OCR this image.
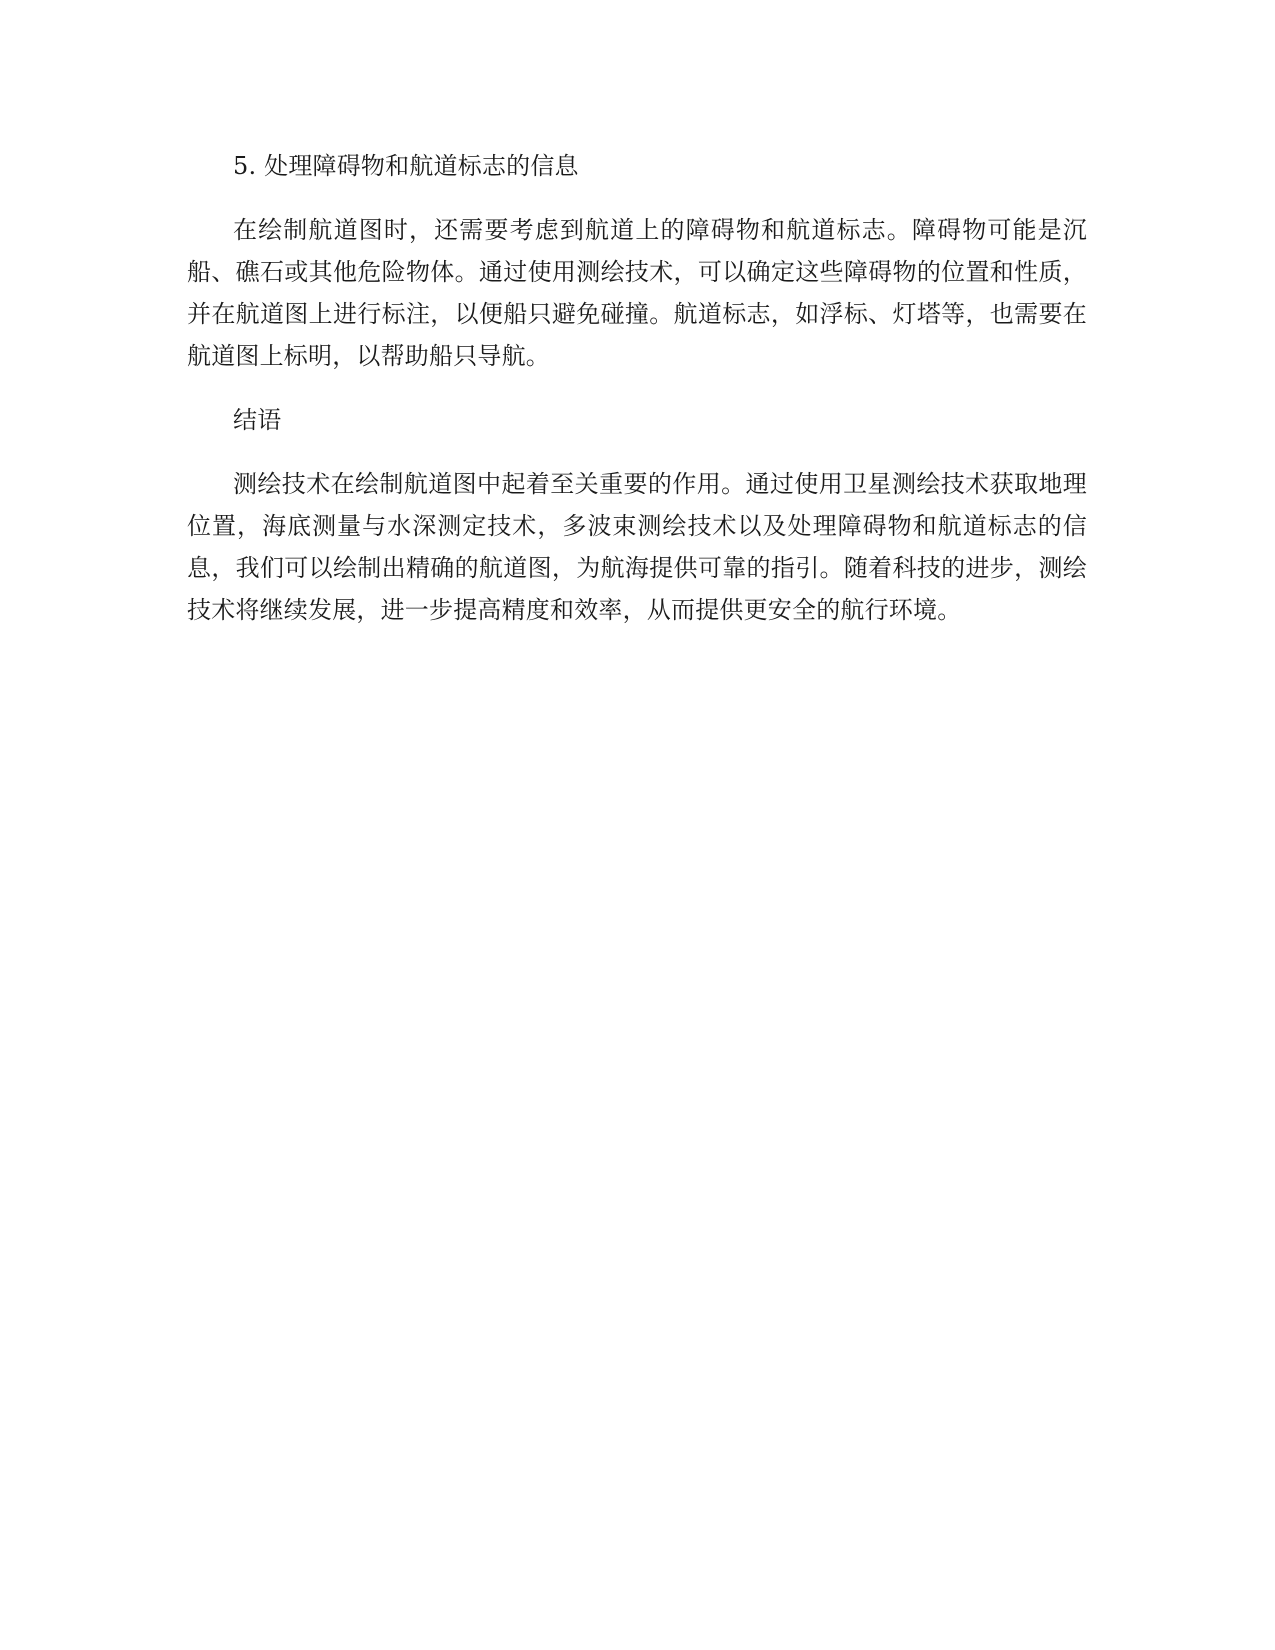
5. 处理障碍物和航道标志的信息

在绘制航道图时，还需要考虑到航道上的障碍物和航道标志。障碍物可能是沉船、礁石或其他危险物体。通过使用测绘技术，可以确定这些障碍物的位置和性质，并在航道图上进行标注，以便船只避免碰撞。航道标志，如浮标、灯塔等，也需要在航道图上标明，以帮助船只导航。

结语

测绘技术在绘制航道图中起着至关重要的作用。通过使用卫星测绘技术获取地理位置，海底测量与水深测定技术，多波束测绘技术以及处理障碍物和航道标志的信息，我们可以绘制出精确的航道图，为航海提供可靠的指引。随着科技的进步，测绘技术将继续发展，进一步提高精度和效率，从而提供更安全的航行环境。
